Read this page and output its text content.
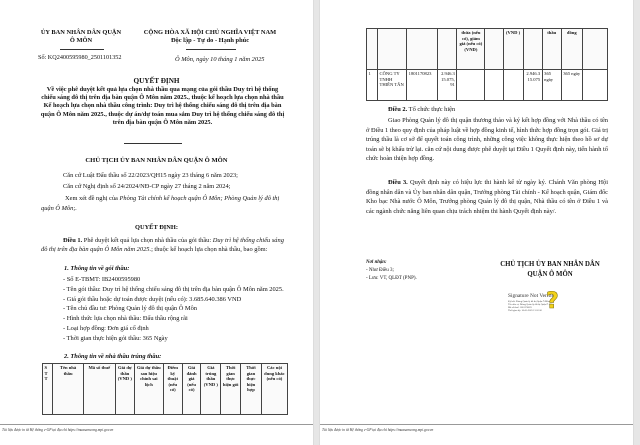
ỦY BAN NHÂN DÂN QUẬN
Ô MÔN
Số: KQ2400595980_2501101352
CỘNG HÒA XÃ HỘI CHỦ NGHĨA VIỆT NAM
Độc lập - Tự do - Hạnh phúc
Ô Môn, ngày 10 tháng 1 năm 2025
QUYẾT ĐỊNH
Về việc phê duyệt kết quả lựa chọn nhà thầu qua mạng của gói thầu Duy trì hệ thống chiếu sáng đô thị trên địa bàn quận Ô Môn năm 2025., thuộc kế hoạch lựa chọn nhà thầu Kế hoạch lựa chọn nhà thầu công trình: Duy trì hệ thống chiếu sáng đô thị trên địa bàn quận Ô Môn năm 2025., thuộc dự án/dự toán mua sắm Duy trì hệ thống chiếu sáng đô thị trên địa bàn quận Ô Môn năm 2025.
CHỦ TỊCH ỦY BAN NHÂN DÂN QUẬN Ô MÔN
Căn cứ Luật Đấu thầu số 22/2023/QH15 ngày 23 tháng 6 năm 2023;
Căn cứ Nghị định số 24/2024/NĐ-CP ngày 27 tháng 2 năm 2024;
Xem xét đề nghị của Phòng Tài chính kế hoạch quận Ô Môn; Phòng Quản lý đô thị quận Ô Môn;.
QUYẾT ĐỊNH:
Điều 1. Phê duyệt kết quả lựa chọn nhà thầu của gói thầu: Duy trì hệ thống chiếu sáng đô thị trên địa bàn quận Ô Môn năm 2025.; thuộc kế hoạch lựa chọn nhà thầu, bao gồm:
1. Thông tin về gói thầu:
- Số E-TBMT: IB2400595980
- Tên gói thầu: Duy trì hệ thống chiếu sáng đô thị trên địa bàn quận Ô Môn năm 2025.
- Giá gói thầu hoặc dự toán được duyệt (nếu có): 3.685.640.386 VND
- Tên chủ đầu tư: Phòng Quản lý đô thị quận Ô Môn
- Hình thức lựa chọn nhà thầu: Đấu thầu rộng rãi
- Loại hợp đồng: Đơn giá cố định
- Thời gian thực hiện gói thầu: 365 Ngày
2. Thông tin về nhà thầu trúng thầu:
S T T	Tên nhà thầu	Mã số thuế	Giá dự thầu (VND )	Giá dự thầu sau hiệu chỉnh sai lệch	Điểm kỹ thuật (nếu có)	Giá đánh giá (nếu có)	Giá trúng thầu (VND )	Thời gian thực hiện gói	Thời gian thực hiện hợp	Các nội dung khác (nếu có)
Tài liệu được in từ Hệ thống e-GP tại địa chỉ https://muasamcong.mpi.gov.vn
				thừa (nếu có), giảm giá (nếu có) (VND)		(VND )		thầu	đồng	
1	CÔNG TY TNHH THIÊN TÂN	1801170823	2.946.315.075,91				2.946.315.075	365 ngày	365 ngày	
Điều 2. Tổ chức thực hiện
Giao Phòng Quản lý đô thị quận thương thảo và ký kết hợp đồng với Nhà thầu có tên ở Điều 1 theo quy định của pháp luật về hợp đồng kinh tế, hình thức hợp đồng trọn gói. Giá trị trúng thầu là cơ sở để quyết toán công trình, những công việc không thực hiện theo hồ sơ dự toán sẽ bị khấu trừ lại. căn cứ nội dung được phê duyệt tại Điều 1 Quyết định này, tiến hành tổ chức hoàn thiện hợp đồng.
Điều 3. Quyết định này có hiệu lực thi hành kể từ ngày ký. Chánh Văn phòng Hội đồng nhân dân và Ủy ban nhân dân quận, Trưởng phòng Tài chính - Kế hoạch quận, Giám đốc Kho bạc Nhà nước Ô Môn, Trưởng phòng Quản lý đô thị quận, Nhà thầu có tên ở Điều 1 và các ngành chức năng liên quan chịu trách nhiệm thi hành Quyết định này/.
Nơi nhận:
- Như Điều 3;
- Lưu: VT, QLĐT (PNP).
CHỦ TỊCH ỦY BAN NHÂN DÂN
QUẬN Ô MÔN
Signature Not Verified
Ký bởi: Phòng Quản lý đô thị Quận Ô Môn
Tên đơn vị: Phòng Quản lý đô thị Quận Ô Môn
Mã số thuế: 1801170823
Thời gian ký: 10-01-2025 13:52:36 ?
Tài liệu được in từ Hệ thống e-GP tại địa chỉ https://muasamcong.mpi.gov.vn
